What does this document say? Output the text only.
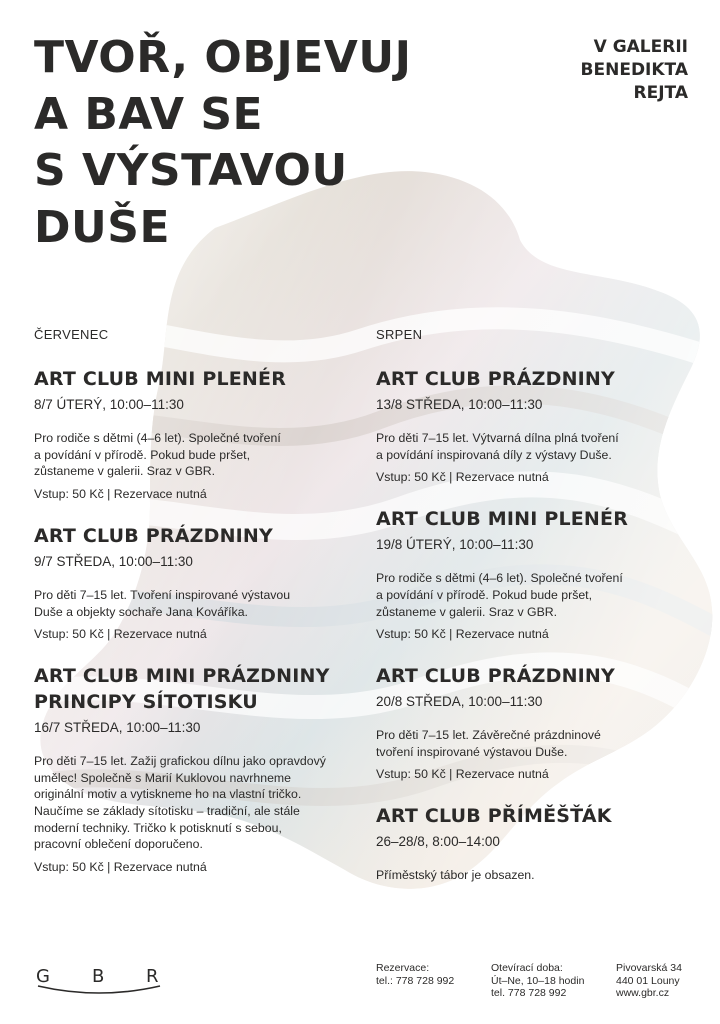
TVOŘ, OBJEVUJ
A BAV SE
S VÝSTAVOU
DUŠE
V GALERII
BENEDIKTA
REJTA
ČERVENEC
ART CLUB MINI PLENÉR
8/7 ÚTERÝ, 10:00–11:30
Pro rodiče s dětmi (4–6 let). Společné tvoření
a povídání v přírodě. Pokud bude pršet,
zůstaneme v galerii. Sraz v GBR.
Vstup: 50 Kč | Rezervace nutná
ART CLUB PRÁZDNINY
9/7 STŘEDA, 10:00–11:30
Pro děti 7–15 let. Tvoření inspirované výstavou
Duše a objekty sochaře Jana Kováříka.
Vstup: 50 Kč | Rezervace nutná
ART CLUB MINI PRÁZDNINY
PRINCIPY SÍTOTISKU
16/7 STŘEDA, 10:00–11:30
Pro děti 7–15 let. Zažij grafickou dílnu jako opravdový
umělec! Společně s Marií Kuklovou navrhneme
originální motiv a vytiskneme ho na vlastní tričko.
Naučíme se základy sítotisku – tradiční, ale stále
moderní techniky. Tričko k potisknutí s sebou,
pracovní oblečení doporučeno.
Vstup: 50 Kč | Rezervace nutná
SRPEN
ART CLUB PRÁZDNINY
13/8 STŘEDA, 10:00–11:30
Pro děti 7–15 let. Výtvarná dílna plná tvoření
a povídání inspirovaná díly z výstavy Duše.
Vstup: 50 Kč | Rezervace nutná
ART CLUB MINI PLENÉR
19/8 ÚTERÝ, 10:00–11:30
Pro rodiče s dětmi (4–6 let). Společné tvoření
a povídání v přírodě. Pokud bude pršet,
zůstaneme v galerii. Sraz v GBR.
Vstup: 50 Kč | Rezervace nutná
ART CLUB PRÁZDNINY
20/8 STŘEDA, 10:00–11:30
Pro děti 7–15 let. Závěrečné prázdninové
tvoření inspirované výstavou Duše.
Vstup: 50 Kč | Rezervace nutná
ART CLUB PŘÍMĚŠŤÁK
26–28/8, 8:00–14:00
Příměstský tábor je obsazen.
G B R	Rezervace:
tel.: 778 728 992
Otevírací doba:
Út–Ne, 10–18 hodin
tel. 778 728 992
Pivovarská 34
440 01 Louny
www.gbr.cz
